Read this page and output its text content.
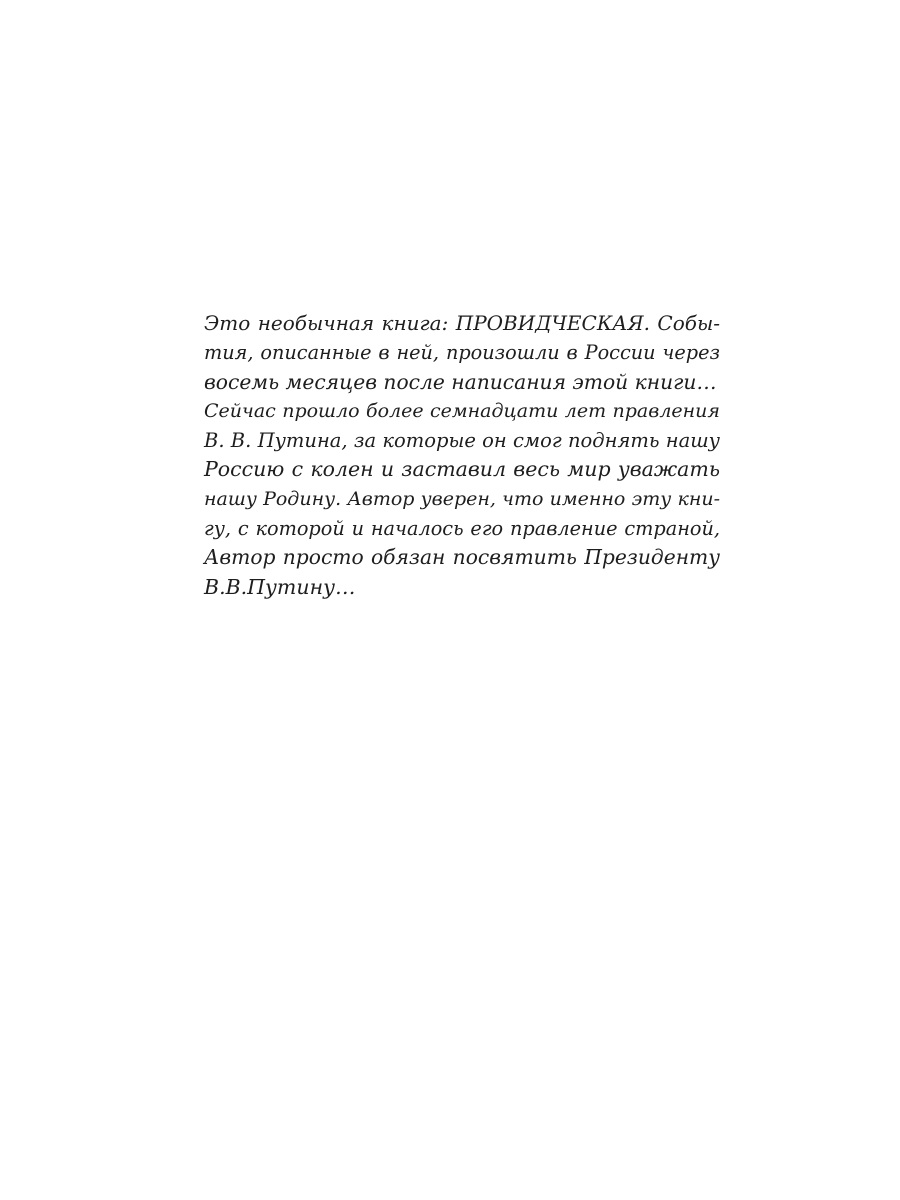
Это необычная книга: ПРОВИДЧЕСКАЯ. Собы-
тия, описанные в ней, произошли в России через
восемь месяцев после написания этой книги…
Сейчас прошло более семнадцати лет правления
В. В. Путина, за которые он смог поднять нашу
Россию с колен и заставил весь мир уважать
нашу Родину. Автор уверен, что именно эту кни-
гу, с которой и началось его правление страной,
Автор просто обязан посвятить Президенту
В.В.Путину…
